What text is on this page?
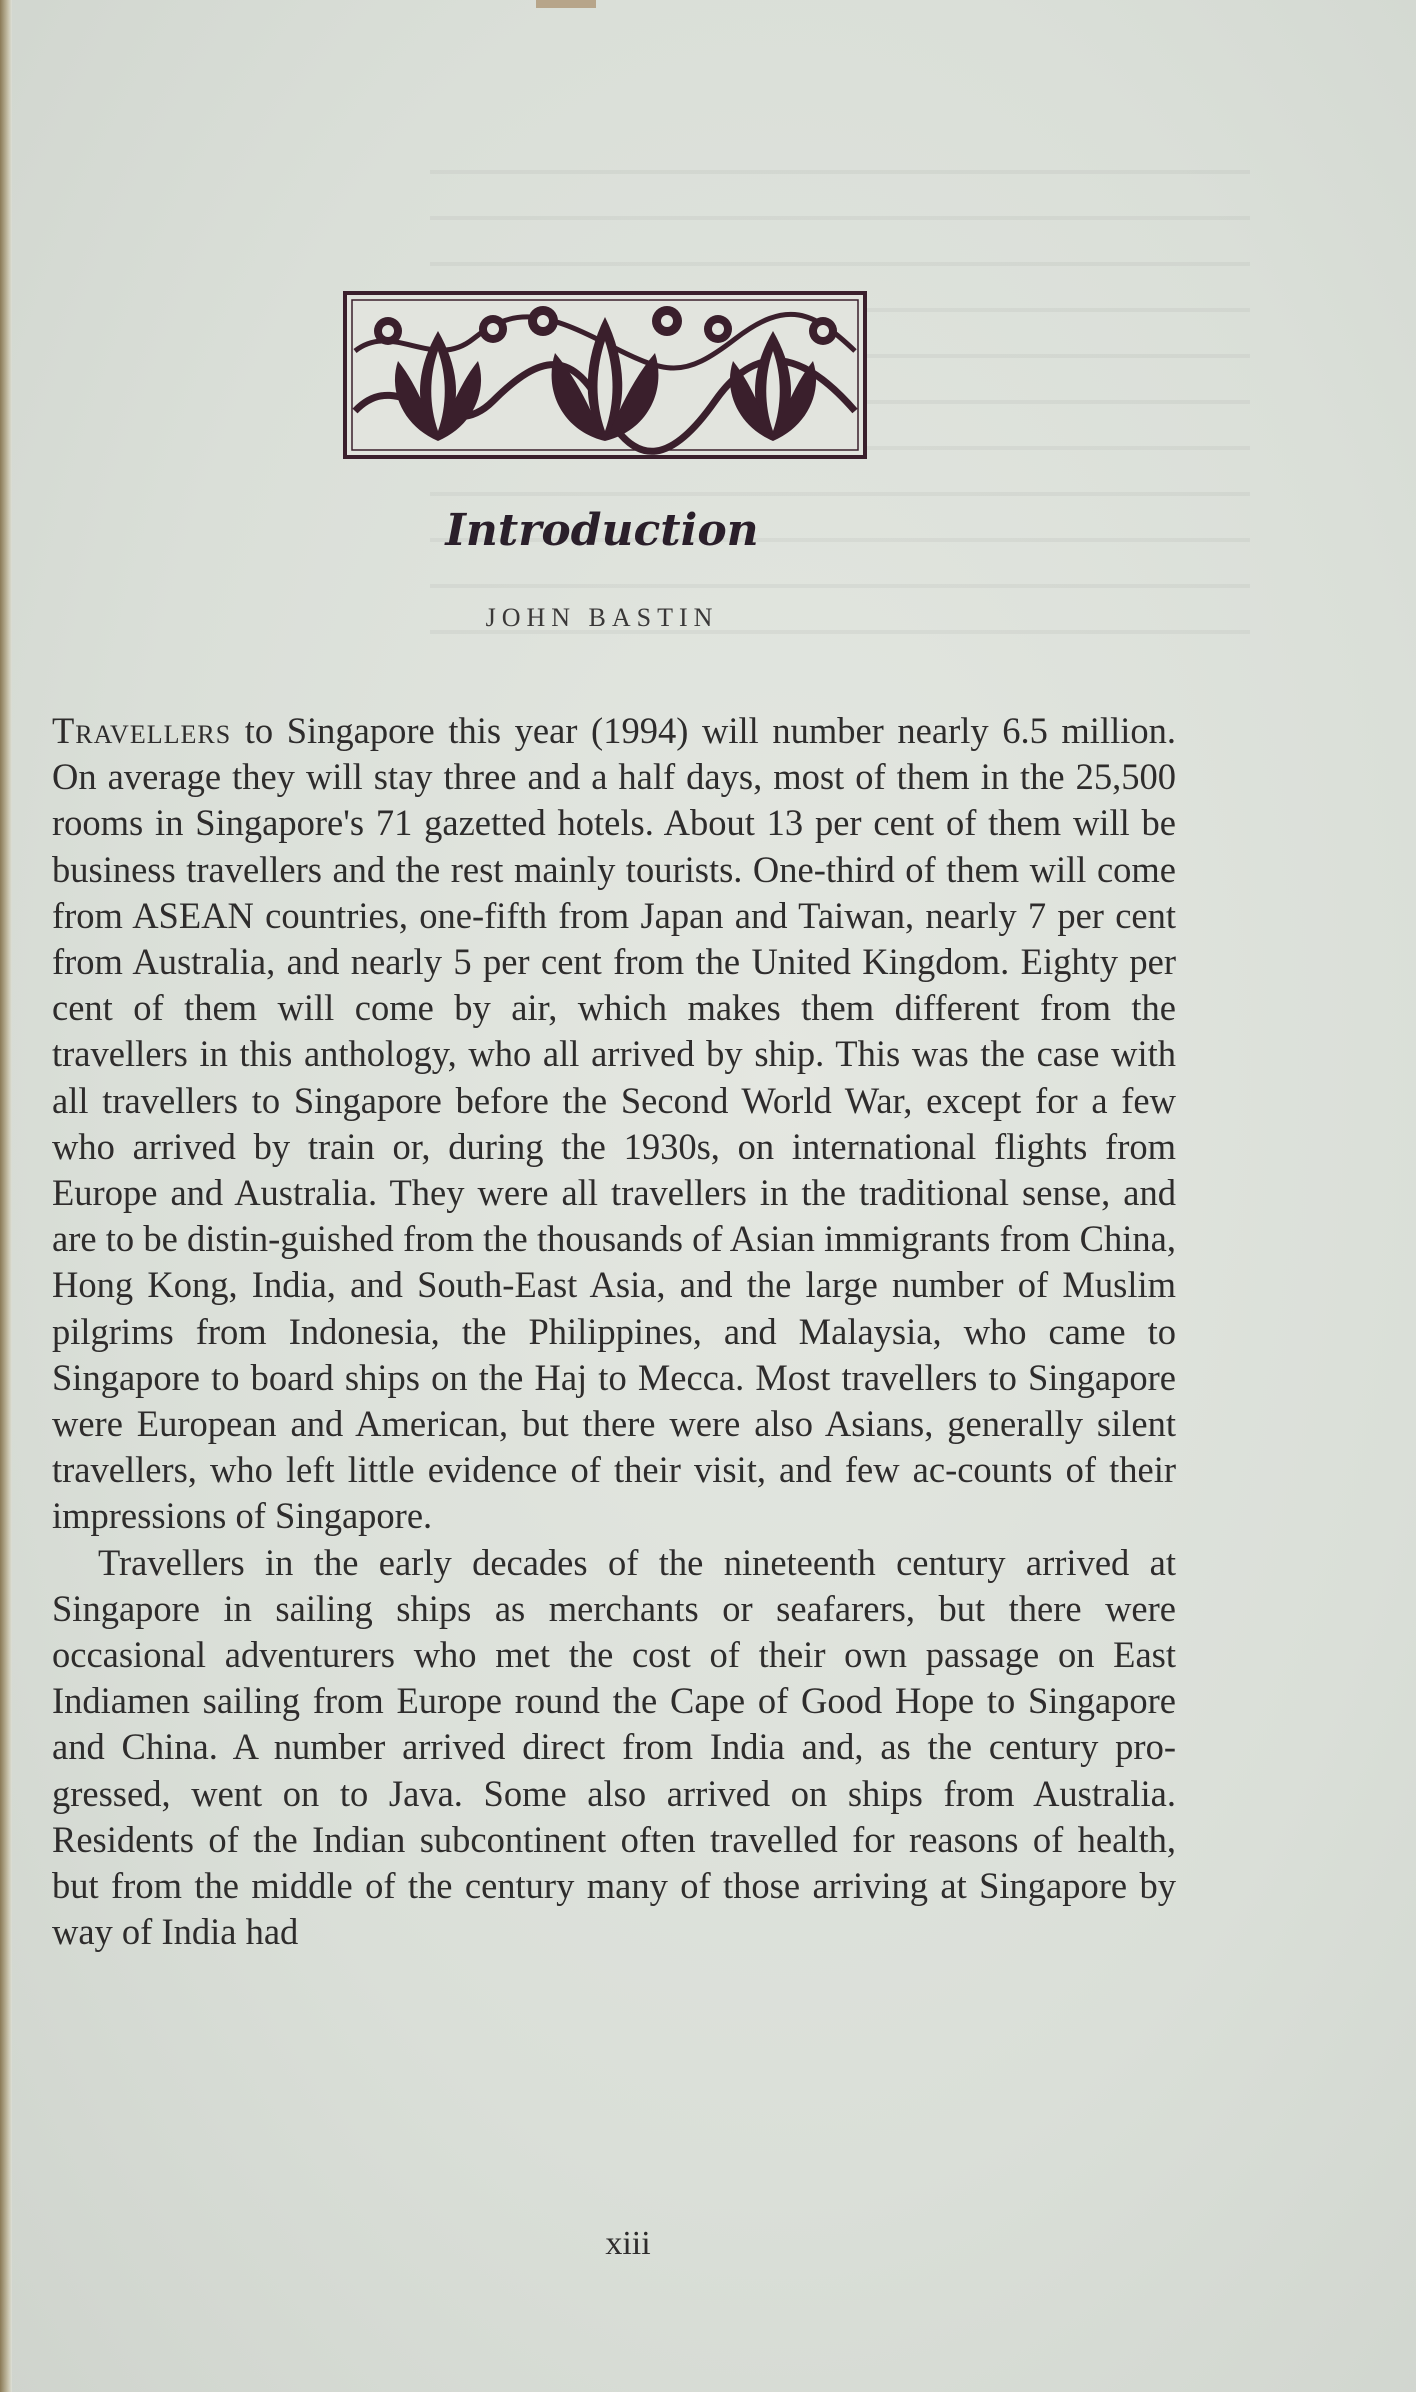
Introduction

JOHN BASTIN

Travellers to Singapore this year (1994) will number nearly 6.5 million. On average they will stay three and a half days, most of them in the 25,500 rooms in Singapore's 71 gazetted hotels. About 13 per cent of them will be business travellers and the rest mainly tourists. One-third of them will come from ASEAN countries, one-fifth from Japan and Taiwan, nearly 7 per cent from Australia, and nearly 5 per cent from the United Kingdom. Eighty per cent of them will come by air, which makes them different from the travellers in this anthology, who all arrived by ship. This was the case with all travellers to Singapore before the Second World War, except for a few who arrived by train or, during the 1930s, on international flights from Europe and Australia. They were all travellers in the traditional sense, and are to be distin-guished from the thousands of Asian immigrants from China, Hong Kong, India, and South-East Asia, and the large number of Muslim pilgrims from Indonesia, the Philippines, and Malaysia, who came to Singapore to board ships on the Haj to Mecca. Most travellers to Singapore were European and American, but there were also Asians, generally silent travellers, who left little evidence of their visit, and few ac-counts of their impressions of Singapore.

Travellers in the early decades of the nineteenth century arrived at Singapore in sailing ships as merchants or seafarers, but there were occasional adventurers who met the cost of their own passage on East Indiamen sailing from Europe round the Cape of Good Hope to Singapore and China. A number arrived direct from India and, as the century pro-gressed, went on to Java. Some also arrived on ships from Australia. Residents of the Indian subcontinent often travelled for reasons of health, but from the middle of the century many of those arriving at Singapore by way of India had

xiii
